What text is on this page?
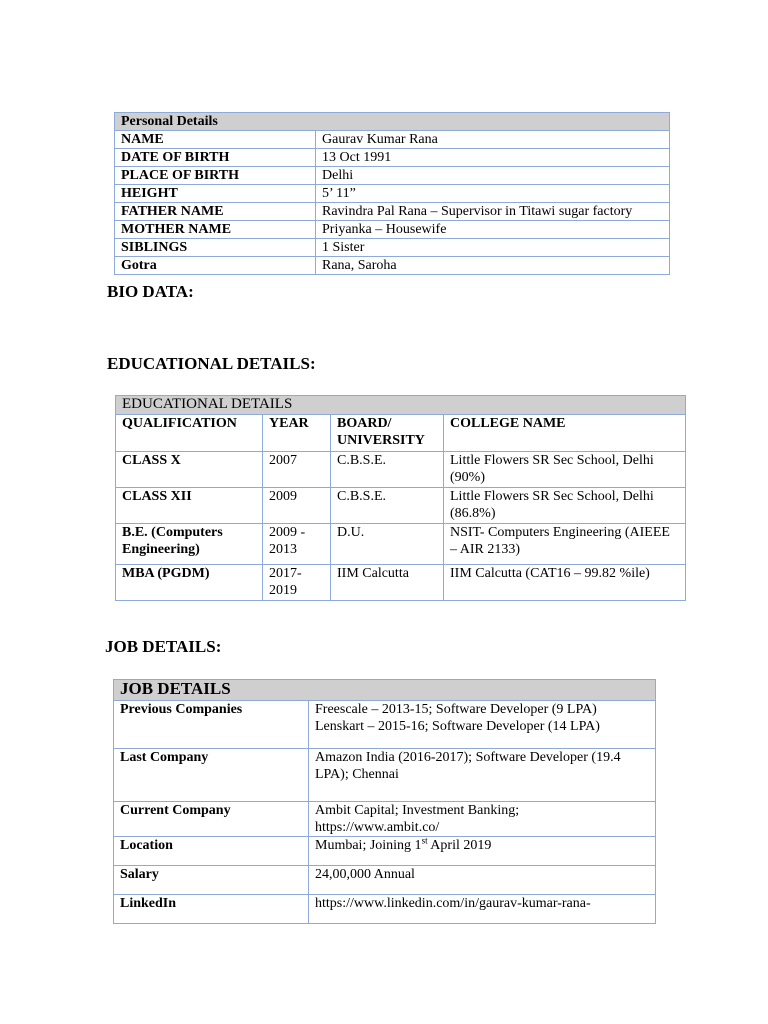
Personal Details	
NAME	Gaurav Kumar Rana
DATE OF BIRTH	13 Oct 1991
PLACE OF BIRTH	Delhi
HEIGHT	5’ 11”
FATHER NAME	Ravindra Pal Rana – Supervisor in Titawi sugar factory
MOTHER NAME	Priyanka – Housewife
SIBLINGS	1 Sister
Gotra	Rana, Saroha
BIO DATA:
EDUCATIONAL DETAILS:
EDUCATIONAL DETAILS			
QUALIFICATION	YEAR	BOARD/ UNIVERSITY	COLLEGE NAME
CLASS X	2007	C.B.S.E.	Little Flowers SR Sec School, Delhi (90%)
CLASS XII	2009	C.B.S.E.	Little Flowers SR Sec School, Delhi (86.8%)
B.E. (Computers Engineering)	2009 - 2013	D.U.	NSIT- Computers Engineering (AIEEE – AIR 2133)
MBA (PGDM)	2017- 2019	IIM Calcutta	IIM Calcutta (CAT16 – 99.82 %ile)
JOB DETAILS:
JOB DETAILS	
Previous Companies	Freescale – 2013-15; Software Developer (9 LPA)
Lenskart – 2015-16; Software Developer (14 LPA)

Last Company	Amazon India (2016-2017); Software Developer (19.4 LPA); Chennai
Current Company	Ambit Capital; Investment Banking;
https://www.ambit.co/

Location	Mumbai; Joining 1st April 2019
Salary	24,00,000 Annual
LinkedIn	https://www.linkedin.com/in/gaurav-kumar-rana-
